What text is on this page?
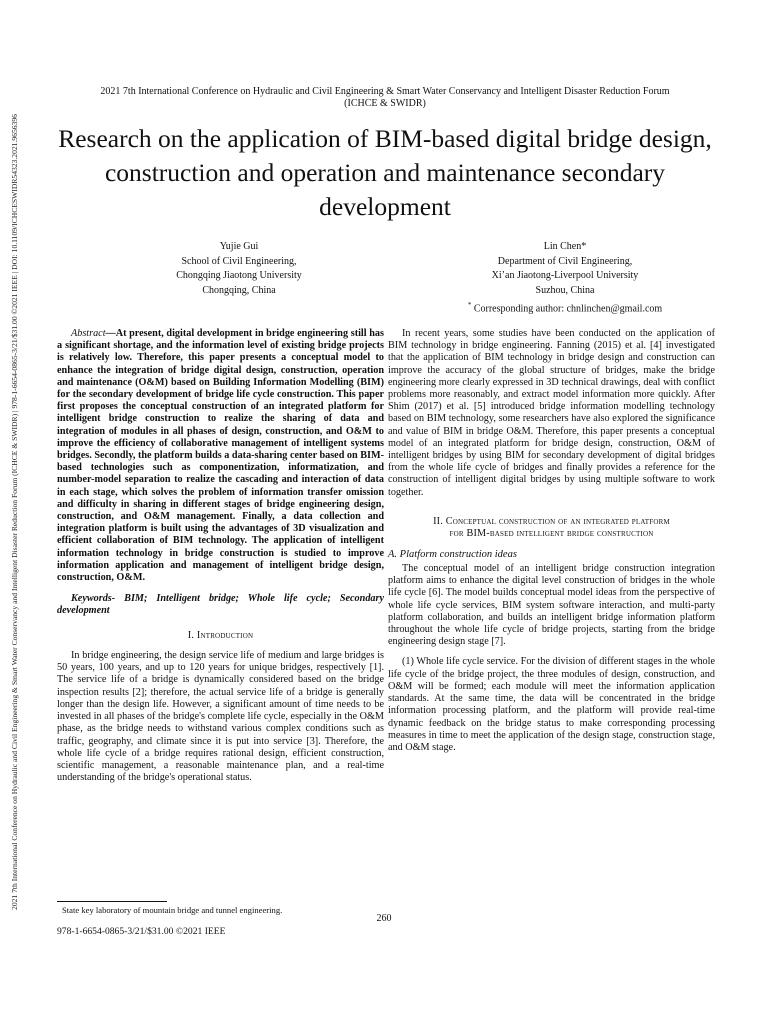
2021 7th International Conference on Hydraulic and Civil Engineering & Smart Water Conservancy and Intelligent Disaster Reduction Forum (ICHCE & SWIDR) | 978-1-6654-0865-3/21/$31.00 ©2021 IEEE | DOI: 10.1109/ICHCESWIDR54323.2021.9656396
2021 7th International Conference on Hydraulic and Civil Engineering & Smart Water Conservancy and Intelligent Disaster Reduction Forum
(ICHCE & SWIDR)
Research on the application of BIM-based digital bridge design, construction and operation and maintenance secondary development
Yujie Gui
School of Civil Engineering,
Chongqing Jiaotong University
Chongqing, China
Lin Chen*
Department of Civil Engineering,
Xi’an Jiaotong-Liverpool University
Suzhou, China
* Corresponding author: chnlinchen@gmail.com

Abstract—At present, digital development in bridge engineering still has a significant shortage, and the information level of existing bridge projects is relatively low. Therefore, this paper presents a conceptual model to enhance the integration of bridge digital design, construction, operation and maintenance (O&M) based on Building Information Modelling (BIM) for the secondary development of bridge life cycle construction. This paper first proposes the conceptual construction of an integrated platform for intelligent bridge construction to realize the sharing of data and integration of modules in all phases of design, construction, and O&M to improve the efficiency of collaborative management of intelligent systems bridges. Secondly, the platform builds a data-sharing center based on BIM-based technologies such as componentization, informatization, and number-model separation to realize the cascading and interaction of data in each stage, which solves the problem of information transfer omission and difficulty in sharing in different stages of bridge engineering design, construction, and O&M management. Finally, a data collection and integration platform is built using the advantages of 3D visualization and efficient collaboration of BIM technology. The application of intelligent information technology in bridge construction is studied to improve information application and management of intelligent bridge design, construction, O&M.

Keywords- BIM; Intelligent bridge; Whole life cycle; Secondary development

I. Introduction

In bridge engineering, the design service life of medium and large bridges is 50 years, 100 years, and up to 120 years for unique bridges, respectively [1]. The service life of a bridge is dynamically considered based on the bridge inspection results [2]; therefore, the actual service life of a bridge is generally longer than the design life. However, a significant amount of time needs to be invested in all phases of the bridge's complete life cycle, especially in the O&M phase, as the bridge needs to withstand various complex conditions such as traffic, geography, and climate since it is put into service [3]. Therefore, the whole life cycle of a bridge requires rational design, efficient construction, scientific management, a reasonable maintenance plan, and a real-time understanding of the bridge's operational status.

In recent years, some studies have been conducted on the application of BIM technology in bridge engineering. Fanning (2015) et al. [4] investigated that the application of BIM technology in bridge design and construction can improve the accuracy of the global structure of bridges, make the bridge engineering more clearly expressed in 3D technical drawings, deal with conflict problems more reasonably, and extract model information more quickly. After Shim (2017) et al. [5] introduced bridge information modelling technology based on BIM technology, some researchers have also explored the significance and value of BIM in bridge O&M. Therefore, this paper presents a conceptual model of an integrated platform for bridge design, construction, O&M of intelligent bridges by using BIM for secondary development of digital bridges from the whole life cycle of bridges and finally provides a reference for the construction of intelligent digital bridges by using multiple software to work together.

II. Conceptual construction of an integrated platform
for BIM-based intelligent bridge construction
A. Platform construction ideas

The conceptual model of an intelligent bridge construction integration platform aims to enhance the digital level construction of bridges in the whole life cycle [6]. The model builds conceptual model ideas from the perspective of whole life cycle services, BIM system software interaction, and multi-party platform collaboration, and builds an intelligent bridge information platform throughout the whole life cycle of bridge projects, starting from the bridge engineering design stage [7].

(1) Whole life cycle service. For the division of different stages in the whole life cycle of the bridge project, the three modules of design, construction, and O&M will be formed; each module will meet the information application standards. At the same time, the data will be concentrated in the bridge information processing platform, and the platform will provide real-time dynamic feedback on the bridge status to make corresponding processing measures in time to meet the application of the design stage, construction stage, and O&M stage.

State key laboratory of mountain bridge and tunnel engineering.
260
978-1-6654-0865-3/21/$31.00 ©2021 IEEE
